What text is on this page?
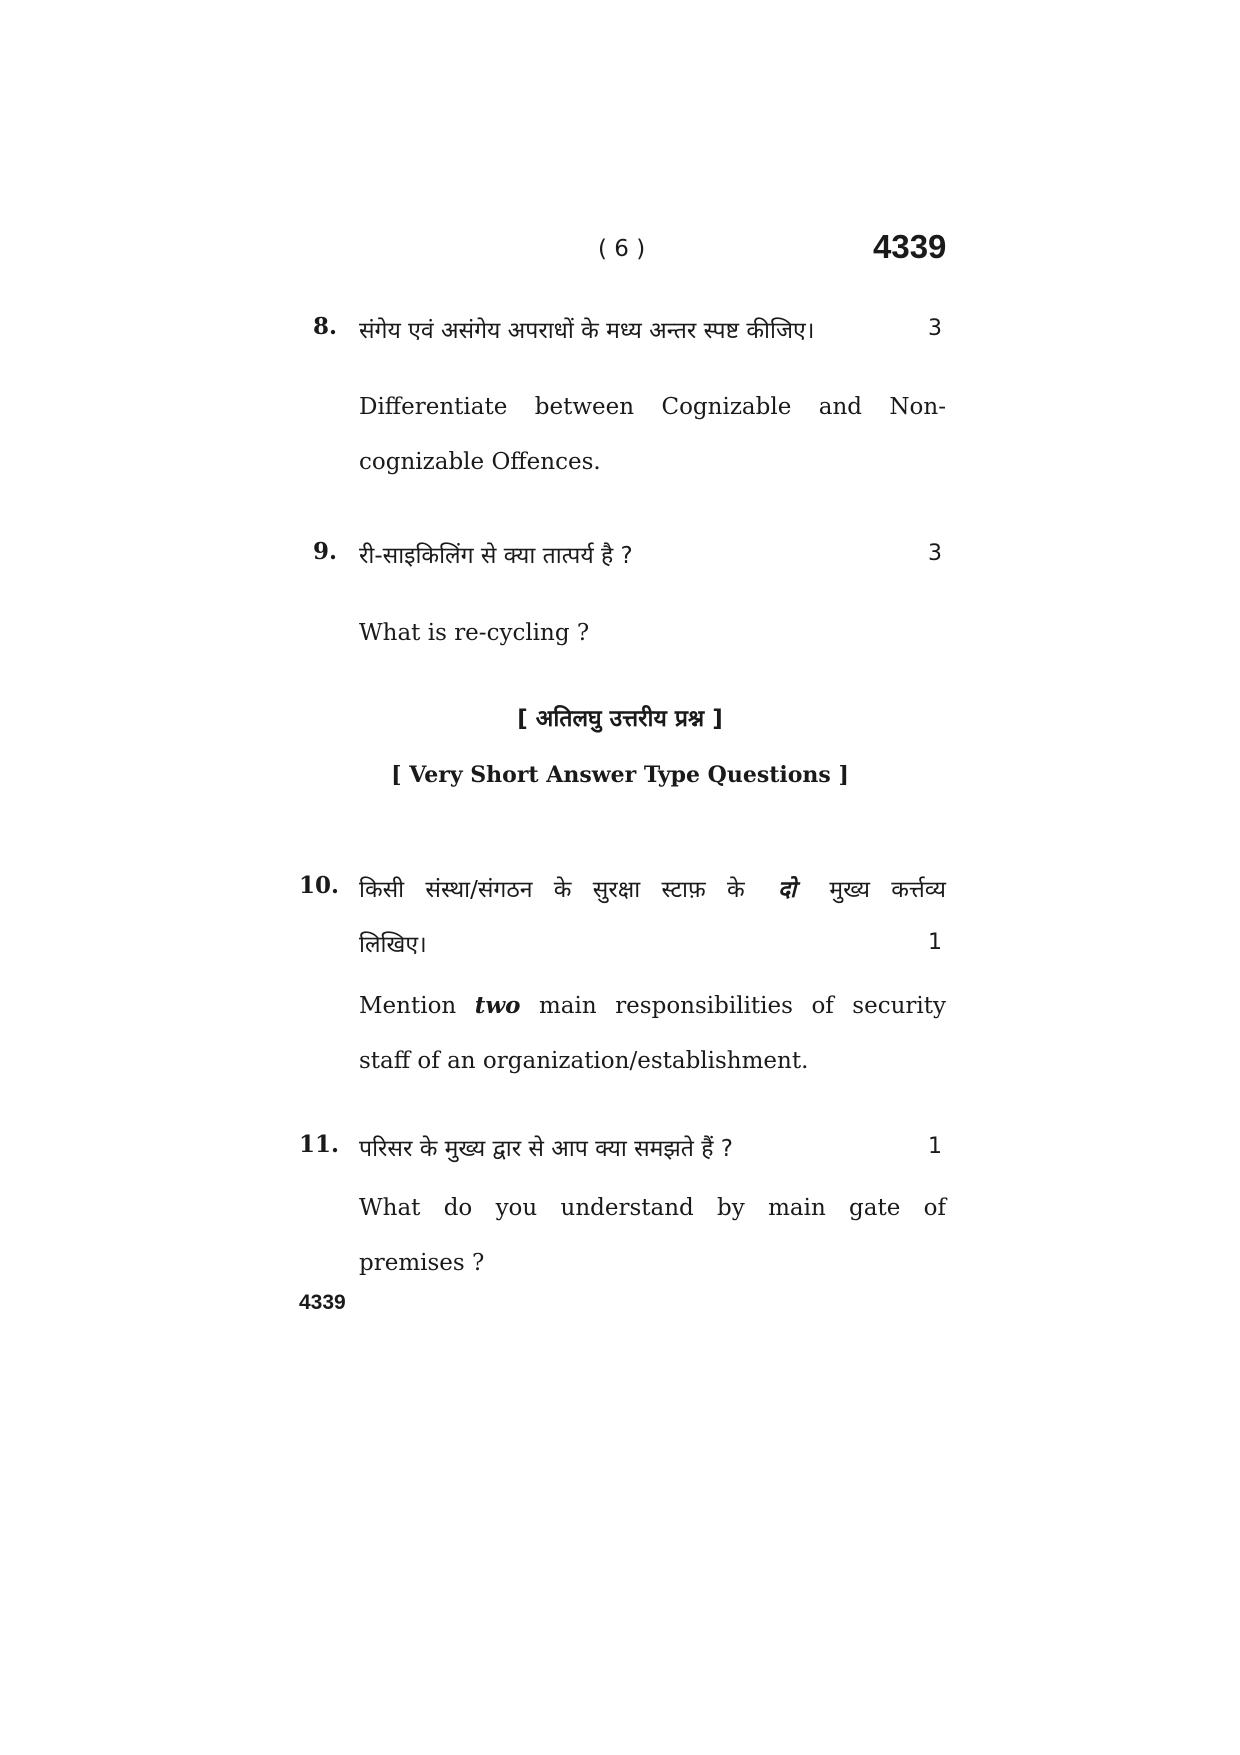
( 6 )	4339
8. संगेय एवं असंगेय अपराधों के मध्य अन्तर स्पष्ट कीजिए।	3
Differentiate between Cognizable and Non-cognizable Offences.
9. री-साइकिलिंग से क्या तात्पर्य है ?	3
What is re-cycling ?
[ अतिलघु उत्तरीय प्रश्न ]
[ Very Short Answer Type Questions ]
10. किसी संस्था/संगठन के सुरक्षा स्टाफ़ के दो मुख्य कर्त्तव्य
लिखिए।	1
Mention two main responsibilities of security staff of an organization/establishment.
11. परिसर के मुख्य द्वार से आप क्या समझते हैं ?	1
What do you understand by main gate of premises ?
4339
